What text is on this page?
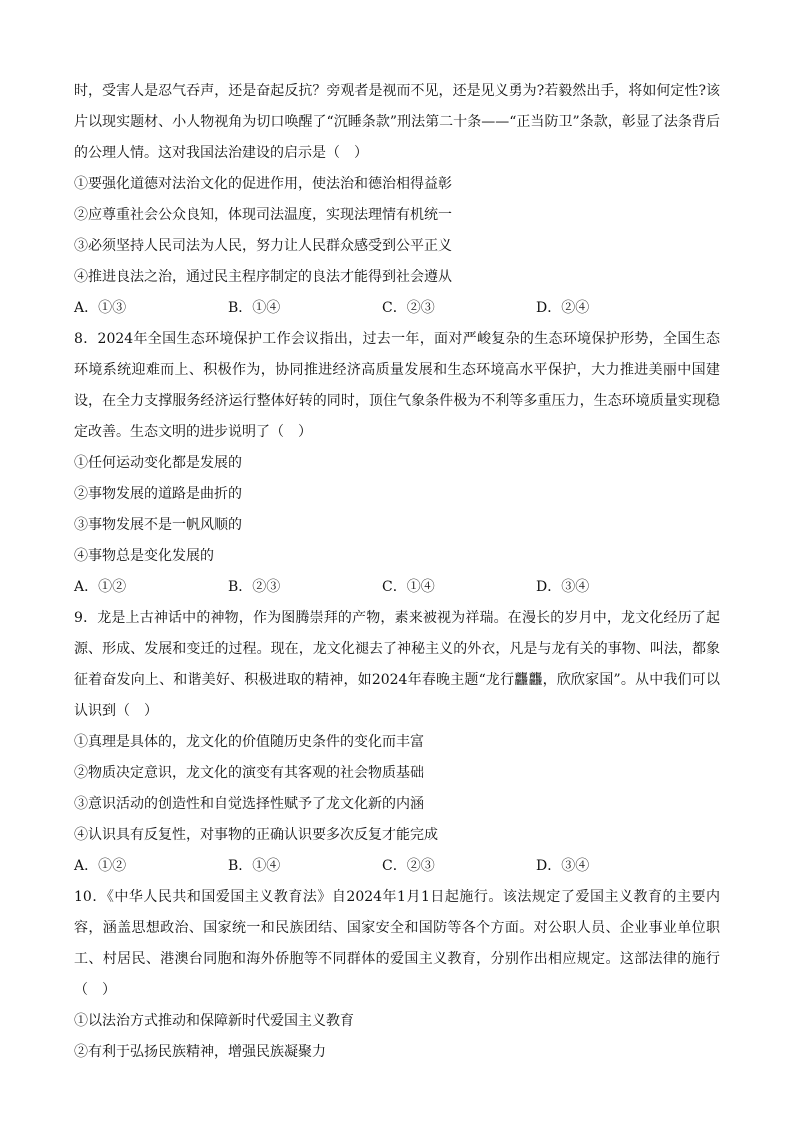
时，受害人是忍气吞声，还是奋起反抗？旁观者是视而不见，还是见义勇为?若毅然出手，将如何定性?该片以现实题材、小人物视角为切口唤醒了“沉睡条款”刑法第二十条——“正当防卫”条款，彰显了法条背后的公理人情。这对我国法治建设的启示是（　）

①要强化道德对法治文化的促进作用，使法治和德治相得益彰

②应尊重社会公众良知，体现司法温度，实现法理情有机统一

③必须坚持人民司法为人民，努力让人民群众感受到公平正义

④推进良法之治，通过民主程序制定的良法才能得到社会遵从

A．①③	B．①④	C．②③	D．②④

8．2024年全国生态环境保护工作会议指出，过去一年，面对严峻复杂的生态环境保护形势，全国生态环境系统迎难而上、积极作为，协同推进经济高质量发展和生态环境高水平保护，大力推进美丽中国建设，在全力支撑服务经济运行整体好转的同时，顶住气象条件极为不利等多重压力，生态环境质量实现稳定改善。生态文明的进步说明了（　）

①任何运动变化都是发展的

②事物发展的道路是曲折的

③事物发展不是一帆风顺的

④事物总是变化发展的

A．①②	B．②③	C．①④	D．③④

9．龙是上古神话中的神物，作为图腾崇拜的产物，素来被视为祥瑞。在漫长的岁月中，龙文化经历了起源、形成、发展和变迁的过程。现在，龙文化褪去了神秘主义的外衣，凡是与龙有关的事物、叫法，都象征着奋发向上、和谐美好、积极进取的精神，如2024年春晚主题“龙行龘龘，欣欣家国”。从中我们可以认识到（　）

①真理是具体的，龙文化的价值随历史条件的变化而丰富

②物质决定意识，龙文化的演变有其客观的社会物质基础

③意识活动的创造性和自觉选择性赋予了龙文化新的内涵

④认识具有反复性，对事物的正确认识要多次反复才能完成

A．①②	B．①④	C．②③	D．③④

10．《中华人民共和国爱国主义教育法》自2024年1月1日起施行。该法规定了爱国主义教育的主要内容，涵盖思想政治、国家统一和民族团结、国家安全和国防等各个方面。对公职人员、企业事业单位职工、村居民、港澳台同胞和海外侨胞等不同群体的爱国主义教育，分别作出相应规定。这部法律的施行（　）

①以法治方式推动和保障新时代爱国主义教育

②有利于弘扬民族精神，增强民族凝聚力
